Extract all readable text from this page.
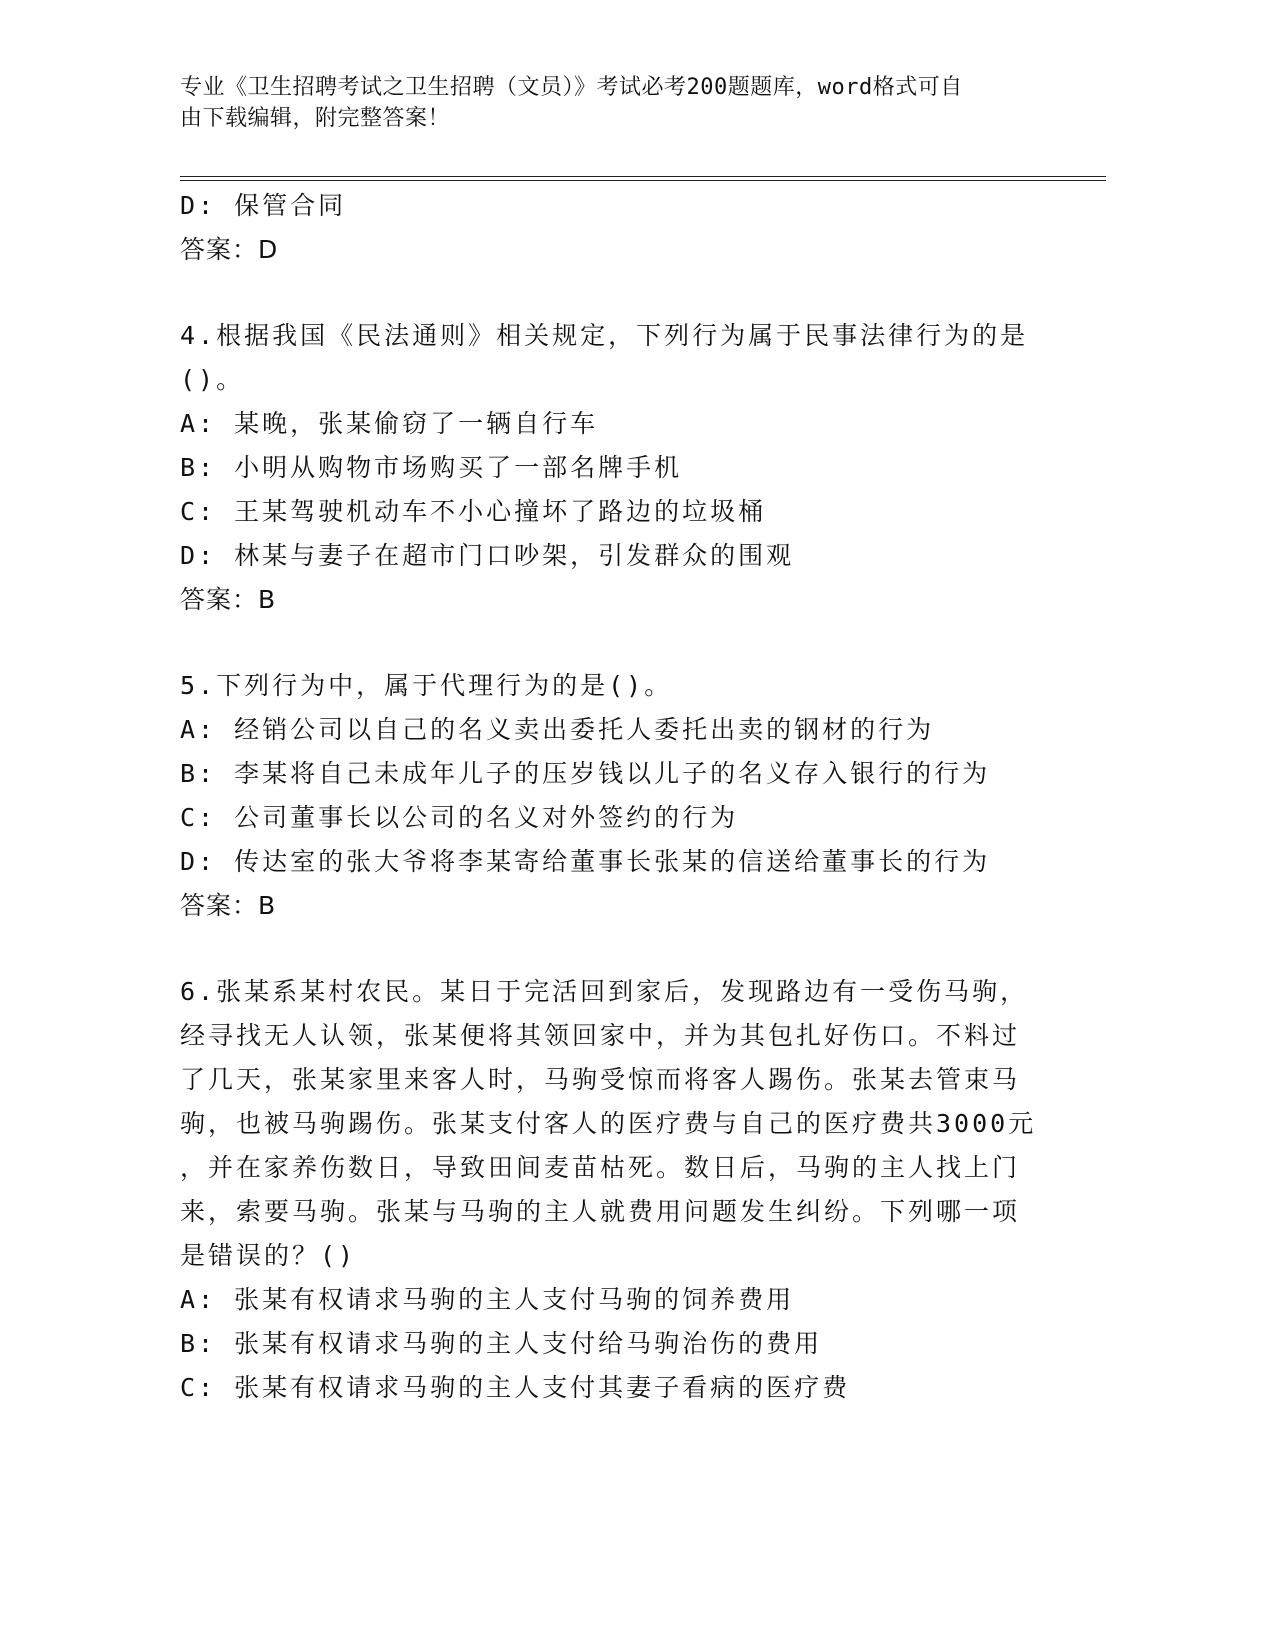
专业《卫生招聘考试之卫生招聘（文员）》考试必考200题题库，word格式可自
由下载编辑，附完整答案！
D: 保管合同
答案：D
4.根据我国《民法通则》相关规定，下列行为属于民事法律行为的是
()。
A: 某晚，张某偷窃了一辆自行车
B: 小明从购物市场购买了一部名牌手机
C: 王某驾驶机动车不小心撞坏了路边的垃圾桶
D: 林某与妻子在超市门口吵架，引发群众的围观
答案：B
5.下列行为中，属于代理行为的是()。
A: 经销公司以自己的名义卖出委托人委托出卖的钢材的行为
B: 李某将自己未成年儿子的压岁钱以儿子的名义存入银行的行为
C: 公司董事长以公司的名义对外签约的行为
D: 传达室的张大爷将李某寄给董事长张某的信送给董事长的行为
答案：B
6.张某系某村农民。某日于完活回到家后，发现路边有一受伤马驹，
经寻找无人认领，张某便将其领回家中，并为其包扎好伤口。不料过
了几天，张某家里来客人时，马驹受惊而将客人踢伤。张某去管束马
驹，也被马驹踢伤。张某支付客人的医疗费与自己的医疗费共3000元
，并在家养伤数日，导致田间麦苗枯死。数日后，马驹的主人找上门
来，索要马驹。张某与马驹的主人就费用问题发生纠纷。下列哪一项
是错误的？()
A: 张某有权请求马驹的主人支付马驹的饲养费用
B: 张某有权请求马驹的主人支付给马驹治伤的费用
C: 张某有权请求马驹的主人支付其妻子看病的医疗费
